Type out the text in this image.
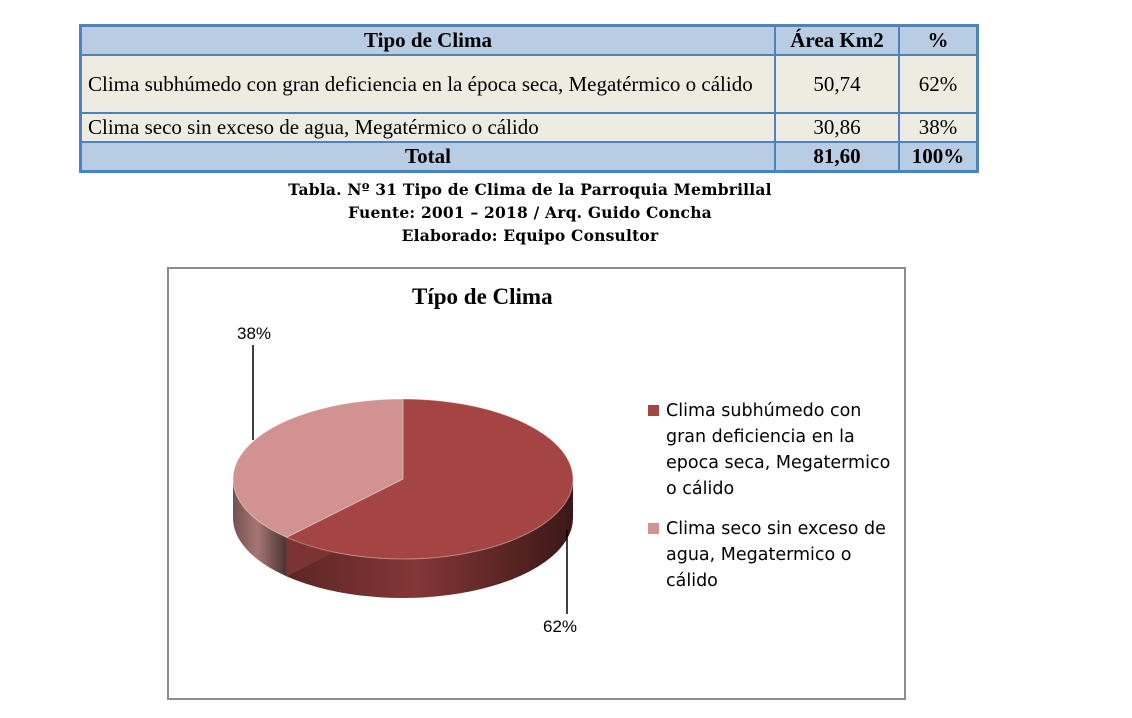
Tipo de Clima	Área Km2	%
Clima subhúmedo con gran deficiencia en la época seca, Megatérmico o cálido	50,74	62%
Clima seco sin exceso de agua, Megatérmico o cálido	30,86	38%
Total	81,60	100%
Tabla. Nº 31 Tipo de Clima de la Parroquia Membrillal
Fuente: 2001 – 2018 / Arq. Guido Concha
Elaborado: Equipo Consultor
Típo de Clima
38%
62%
Clima subhúmedo con gran deficiencia en la epoca seca, Megatermico o cálido
Clima seco sin exceso de agua, Megatermico o cálido
